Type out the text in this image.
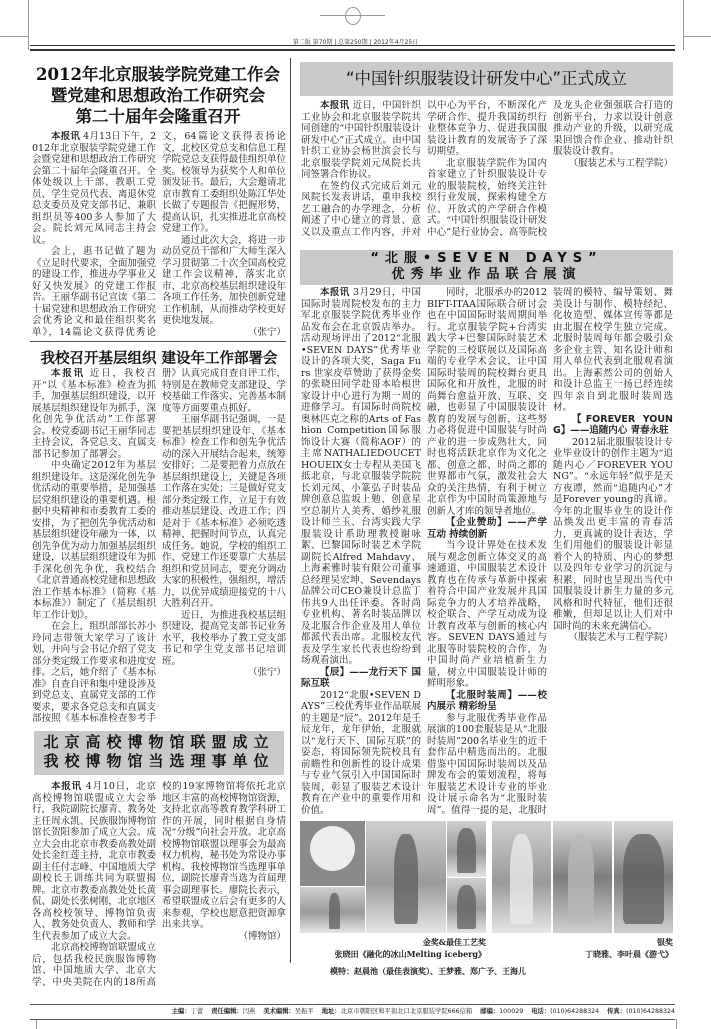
第二版 第70期 | 总第250期 | 2012年4月25日
2012年北京服装学院党建工作会
暨党建和思想政治工作研究会
第二十届年会隆重召开

本报讯 4月13日下午，2012年北京服装学院党建工作会暨党建和思想政治工作研究会第二十届年会隆重召开。全体处级以上干部、教职工党员、学生党员代表、离退休党总支委员及党支部书记、兼职组织员等400多人参加了大会。院长刘元凤同志主持会议。

会上，惠书记做了题为《立足时代要求，全面加强党的建设工作，推进办学事业又好又快发展》的党建工作报告。王丽华副书记宣读《第二十届党建和思想政治工作研究会优秀论文和最佳组织奖名单》，14篇论文获得优秀论文，64篇论文获得表扬论文，北校区党总支和信息工程学院党总支获得最佳组织单位奖。校领导为获奖个人和单位颁发证书。最后，大会邀请北京市教育工委组织处陈江华处长做了专题报告《把握形势，提高认识，扎实推进北京高校党建工作》。

通过此次大会，将进一步动员党员干部和广大师生深入学习贯彻第二十次全国高校党建工作会议精神，落实北京市、北京高校基层组织建设年各项工作任务，加快创新党建工作机制，从而推动学校更好更快地发展。

（张宁）

我校召开基层组织 建设年工作部署会

本报讯 近日，我校召开“以《基本标准》检查为抓手，加强基层组织建设，以开展基层组织建设年为抓手，深化创先争优活动”工作部署会。校党委副书记王丽华同志主持会议，各党总支、直属支部书记参加了部署会。

中央确定2012年为基层组织建设年。这是深化创先争优活动的重要举措，是加强基层党组织建设的重要机遇。根据中央精神和市委教育工委的安排，为了把创先争优活动和基层组织建设年融为一体，以创先争优为动力加强基层组织建设，以基层组织建设年为抓手深化创先争优，我校结合《北京普通高校党建和思想政治工作基本标准》（简称《基本标准》）制定了《基层组织年工作计划》。

在会上，组织部部长苏小玲同志带领大家学习了该计划，并向与会书记介绍了党支部分类定级工作要求和进度安排。之后，她介绍了《基本标准》自查自评和集中建设涉及到党总支、直属党支部的工作要求，要求各党总支和直属支部按照《基本标准检查参考手册》认真完成自查自评工作，特别是在教师党支部建设、学校基础工作落实、完善基本制度等方面要重点抓好。

王丽华副书记强调，一是要把基层组织建设年、《基本标准》检查工作和创先争优活动的深入开展结合起来，统筹安排好；二是要把着力点放在基层组织建设上，关键是各项工作落在实处；三是做好党支部分类定级工作，立足于有效推动基层建设、改进工作；四是对于《基本标准》必须吃透精神、把握时间节点，认真完成任务。她说，学校的组织工作、党建工作还要靠广大基层组织和党员同志，要充分调动大家的积极性，强组织，增活力，以优异成绩迎接党的十八大胜利召开。

近日，为推进我校基层组织建设，提高党支部书记业务水平，我校举办了教工党支部书记和学生党支部书记培训班。

（张宁）

北京高校博物馆联盟成立
我校博物馆当选理事单位

本报讯 4月10日，北京高校博物馆联盟成立大会举行，我院副院长廖青、教务处主任周永凯、民族服饰博物馆馆长贺阳参加了成立大会。成立大会由北京市教委高教处副处长金红莲主持，北京市教委副主任付志峰、中国地质大学副校长王训练共同为联盟揭牌。北京市教委高教处处长黄侃、副处长张树刚，北京地区各高校校领导、博物馆负责人、教务处负责人、教师和学生代表参加了成立大会。

北京高校博物馆联盟成立后，包括我校民族服饰博物馆、中国地质大学、北京大学、中央美院在内的18所高校的19家博物馆将依托北京地区丰富的高校博物馆资源，支持北京高等教育教学科研工作的开展，同时根据自身情况“分级”向社会开放。北京高校博物馆联盟以理事会为最高权力机构，秘书处为常设办事机构。我校博物馆当选理事单位，副院长廖青当选为首届理事会副理事长。廖院长表示，希望联盟成立后会有更多的人来参观，学校也愿意把资源拿出来共享。

（博物馆）

“中国针织服装设计研发中心”正式成立

本报讯 近日，中国针织工业协会和北京服装学院共同创建的“中国针织服装设计研发中心”正式成立。由中国针织工业协会杨世滨会长与北京服装学院刘元凤院长共同签署合作协议。

在签约仪式完成后刘元凤院长发表讲话，重申我校艺工融合的办学理念，分析阐述了中心建立的背景、意义以及重点工作内容，并对以中心为平台，不断深化产学研合作、提升我国纺织行业整体竞争力、促进我国服装设计教育的发展寄予了深切期望。

北京服装学院作为国内首家建立了针织服装设计专业的服装院校，始终关注针织行业发展，探索构建全方位、开放式的产学研合作模式。“中国针织服装设计研发中心”是行业协会、高等院校及龙头企业强强联合打造的创新平台，力求以设计创意推动产业的升级，以研究成果回馈合作企业、推动针织服装设计教育。

（服装艺术与工程学院）

“北服•SEVEN DAYS”
优秀毕业作品联合展演

本报讯 3月29日，中国国际时装周院校发布的主力军北京服装学院优秀毕业作品发布会在北京饭店举办。活动现场评出了2012“北服•SEVEN DAYS”优秀毕业设计的各项大奖，Saga Furs 世家皮草赞助了获得金奖的张晓田同学赴哥本哈根世家设计中心进行为期一周的进修学习。有国际时尚院校奥林匹克之称的Arts of Fashion Competition国际服饰设计大赛（简称AOF）的主席NATHALIEDOUCETHOUEIX女士专程从美国飞抵北京，与北京服装学院院长刘元凤、小篆弘子时装品牌创意总监坂上勉、创意星空总制片人美秀、婚纱礼服设计师兰玉、台湾实践大学服装设计系助理教授谢咏絮、巴黎国际时装艺术学院副院长Alfred Mahdavy、上海素雅时装有限公司董事总经理吴宏坤、Sevendays品牌公司CEO兼设计总监丁伟共9人出任评委。各时尚专业机构、著名时装品牌以及北服合作企业及用人单位都派代表出席。北服校友代表及学生家长代表也纷纷到场观看演出。

【辰】——龙行天下 国际互联

2012“北服•SEVEN DAYS”三校优秀毕业作品联展的主题是“辰”。2012年是壬辰龙年，龙年伊始，北服就以“龙行天下、国际互联”的姿态，将国际领先院校具有前瞻性和创新性的设计成果与专业气氛引入中国国际时装周，彰显了服装艺术设计教育在产业中的重要作用和价值。

同时，北服承办的2012BIFT-ITAA国际联合研讨会也在中国国际时装周期间举行。北京服装学院+台湾实践大学+巴黎国际时装艺术学院的三校联展以及国际高端的专业学术会议，让中国国际时装周的院校舞台更具国际化和开放性，北服的时尚舞台愈益开放、互联、交融，也彰显了中国服装设计教育的发展与创新，这些努力必将促进中国服装与时尚产业的进一步成熟壮大，同时也将活跃北京作为文化之都、创意之都、时尚之都的世界都市气氛，激发社会大众的关注热情，有利于树立北京作为中国时尚策源地与创新人才库的领导者地位。

【企业赞助】——产学互动 持续创新

当今设计界处在技术发展与观念创新立体交叉的高速通道，中国服装艺术设计教育也在传承与革新中探索着符合中国产业发展并具国际竞争力的人才培养战略，校企联合、产学互动成为设计教育改革与创新的核心内容。SEVEN DAYS通过与北服等时装院校的合作，为中国时尚产业培植新生力量，树立中国服装设计师的鲜明形象。

【北服时装周】——校内展示 精彩纷呈

参与北服优秀毕业作品展演的100套服装是从“北服时装周”200名毕业生的近千套作品中精选而出的。北服借鉴中国国际时装周以及品牌发布会的策划流程，将每年服装艺术设计专业的毕业设计展示命名为“北服时装周”。值得一提的是，北服时装周的模特、编导策划、舞美设计与制作、模特经纪、化妆造型、媒体宣传等都是由北服在校学生独立完成。北服时装周每年都会吸引众多企业主管、知名设计师和用人单位代表到北服观看演出。上海素然公司的创始人和设计总监王一扬已经连续四年亲自到北服时装周选材。

【FOREVER YOUNG】——追随内心 青春永驻

2012届北服服装设计专业毕业设计的创作主题为“追随内心／FOREVER YOUNG”。“永远年轻”似乎是天方夜谭，然而“追随内心”才是Forever young的真谛。今年的北服毕业生的设计作品焕发出更丰富的青春活力，更真诚的设计表达，学生们用他们的服装设计彰显着个人的特质、内心的梦想以及四年专业学习的沉淀与积累，同时也呈现出当代中国服装设计新生力量的多元风格和时代特征，他们还很稚嫩，但却足以让人们对中国时尚的未来充满信心。

（服装艺术与工程学院）

金奖&最佳工艺奖
张晓田《融化的冰山Melting iceberg》
银奖
丁晓雅、李叶晨《游弋》
模特：赵晨池（最佳表演奖）、王梦雅、郑广予、王海儿
主编：丁蕾 责任编辑：闫燕 美术编辑：吴振平 地址：北京市朝阳区和平街北口北京服装学院666信箱 邮编：100029 电话：(010)64288324 传真：(010)64288324
